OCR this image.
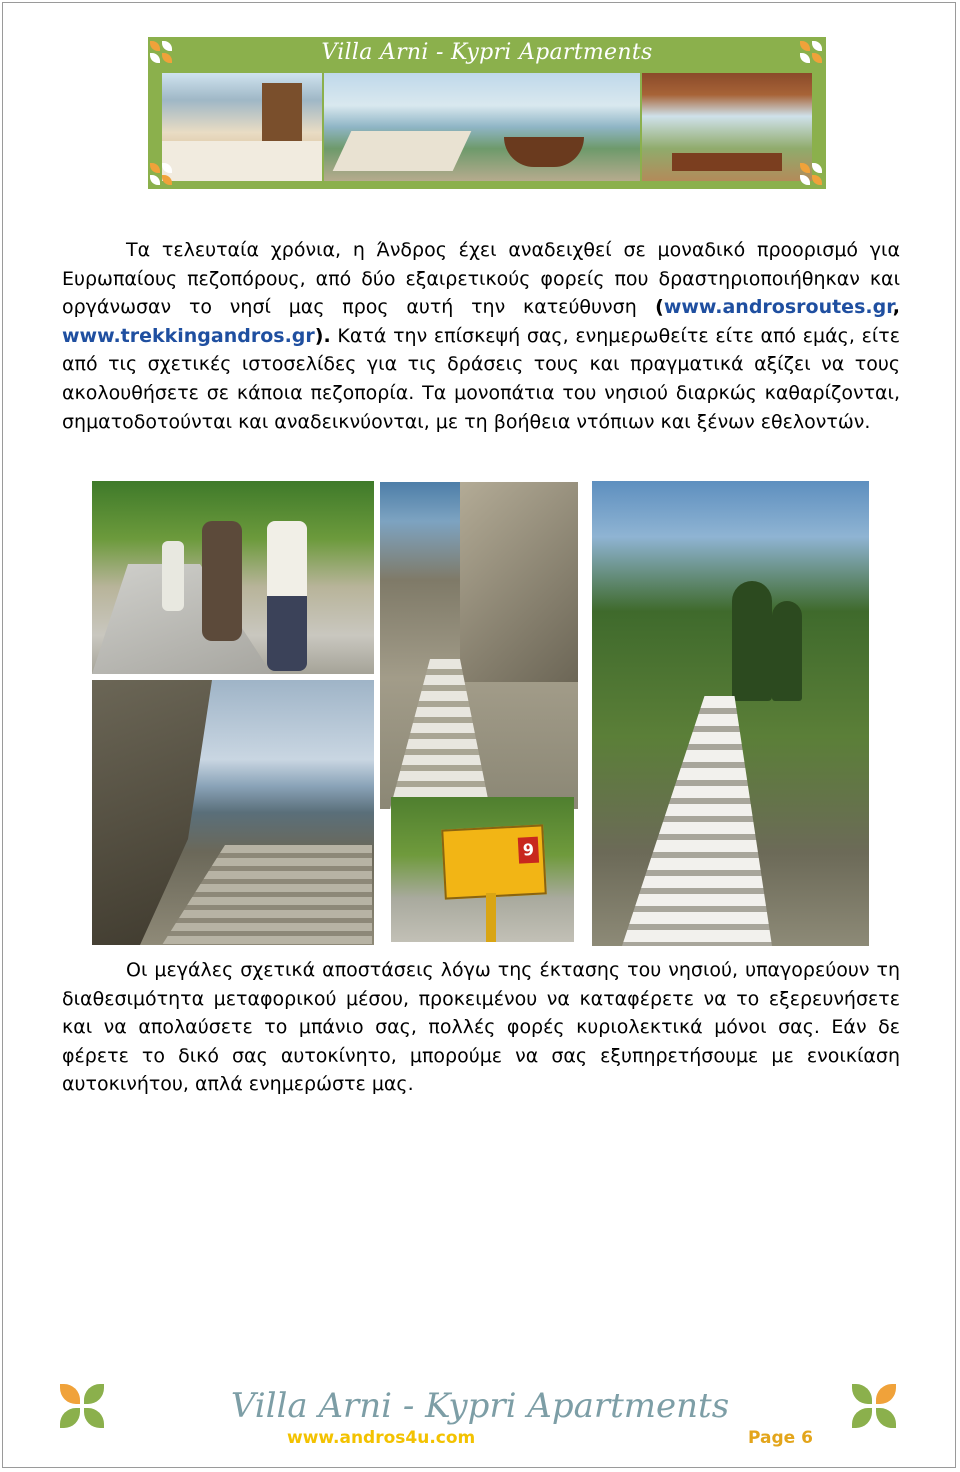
Villa Arni - Kypri Apartments

Τα τελευταία χρόνια, η Άνδρος έχει αναδειχθεί σε μοναδικό προορισμό για Ευρωπαίους πεζοπόρους, από δύο εξαιρετικούς φορείς που δραστηριοποιήθηκαν και οργάνωσαν το νησί μας προς αυτή την κατεύθυνση (www.androsroutes.gr, www.trekkingandros.gr). Κατά την επίσκεψή σας, ενημερωθείτε είτε από εμάς, είτε από τις σχετικές ιστοσελίδες για τις δράσεις τους και πραγματικά αξίζει να τους ακολουθήσετε σε κάποια πεζοπορία. Τα μονοπάτια του νησιού διαρκώς καθαρίζονται, σηματοδοτούνται και αναδεικνύονται, με τη βοήθεια ντόπιων και ξένων εθελοντών.

9

Οι μεγάλες σχετικά αποστάσεις λόγω της έκτασης του νησιού, υπαγορεύουν τη διαθεσιμότητα μεταφορικού μέσου, προκειμένου να καταφέρετε να το εξερευνήσετε και να απολαύσετε το μπάνιο σας, πολλές φορές κυριολεκτικά μόνοι σας. Εάν δε φέρετε το δικό σας αυτοκίνητο, μπορούμε να σας εξυπηρετήσουμε με ενοικίαση αυτοκινήτου, απλά ενημερώστε μας.

Villa Arni - Kypri Apartments
www.andros4u.com	Page 6
